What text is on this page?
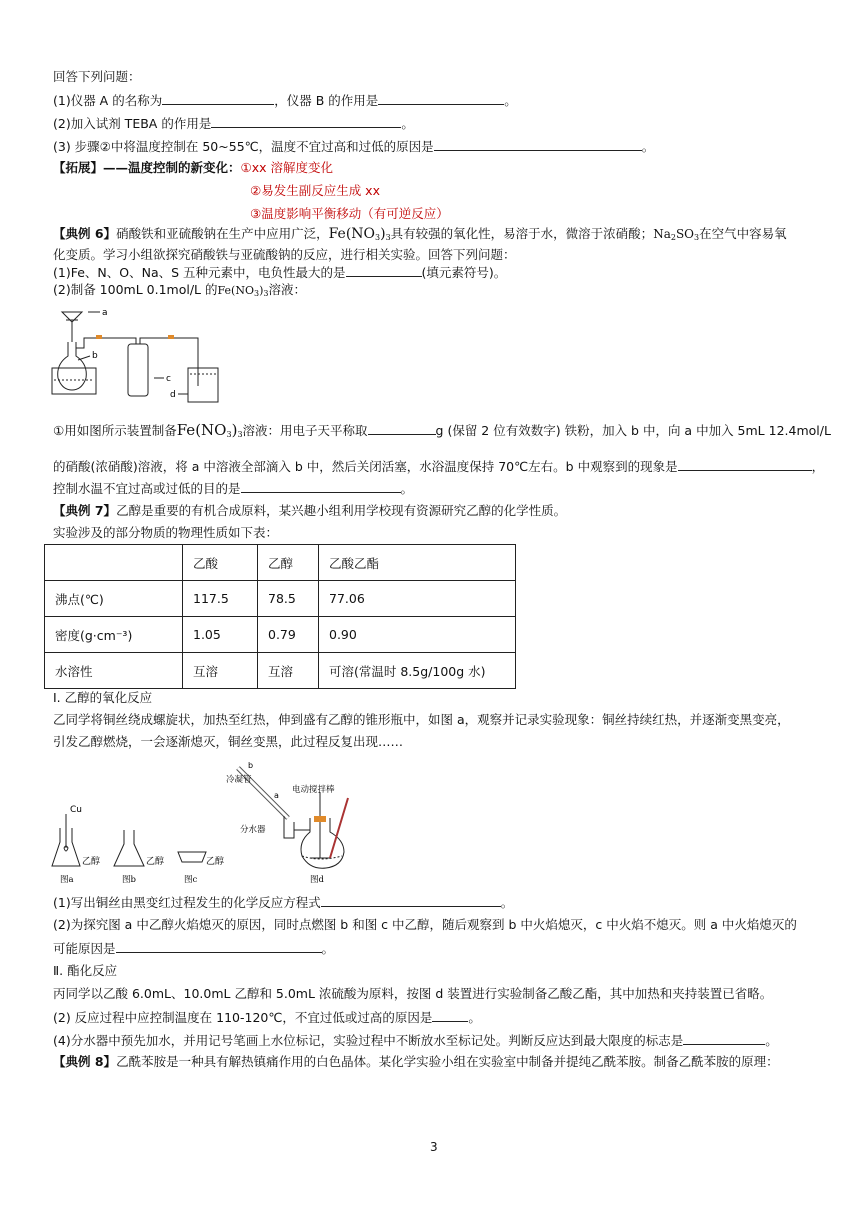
回答下列问题：
(1)仪器 A 的名称为	，仪器 B 的作用是	。
(2)加入试剂 TEBA 的作用是	。
(3) 步骤②中将温度控制在 50~55℃，温度不宜过高和过低的原因是	。
【拓展】——温度控制的新变化：①xx 溶解度变化
②易发生副反应生成 xx
③温度影响平衡移动（有可逆反应）
【典例 6】硝酸铁和亚硫酸钠在生产中应用广泛，$Fe(NO_3)_3$具有较强的氧化性，易溶于水，微溶于浓硝酸；$Na_2SO_3$在空气中容易氧
化变质。学习小组欲探究硝酸铁与亚硫酸钠的反应，进行相关实验。回答下列问题：
(1)Fe、N、O、Na、S 五种元素中，电负性最大的是	(填元素符号)。
(2)制备 100mL 0.1mol/L 的$Fe(NO_3)_3$溶液：
a
b
c
d
①用如图所示装置制备$Fe(NO_3)_3$溶液：用电子天平称取	g (保留 2 位有效数字) 铁粉，加入 b 中，向 a 中加入 5mL 12.4mol/L
的硝酸(浓硝酸)溶液，将 a 中溶液全部滴入 b 中，然后关闭活塞，水浴温度保持 70℃左右。b 中观察到的现象是	，
控制水温不宜过高或过低的目的是	。
【典例 7】乙醇是重要的有机合成原料，某兴趣小组利用学校现有资源研究乙醇的化学性质。
实验涉及的部分物质的物理性质如下表：
	乙酸	乙醇	乙酸乙酯
沸点(℃)	117.5	78.5	77.06
密度(g·cm⁻³)	1.05	0.79	0.90
水溶性	互溶	互溶	可溶(常温时 8.5g/100g 水)
Ⅰ. 乙醇的氧化反应
乙同学将铜丝绕成螺旋状，加热至红热，伸到盛有乙醇的锥形瓶中，如图 a，观察并记录实验现象：铜丝持续红热，并逐渐变黑变亮，
引发乙醇燃烧，一会逐渐熄灭，铜丝变黑，此过程反复出现……
Cu
乙醇	乙醇	乙醇
图a	图b	图c	图d
b
冷凝管
a
电动搅拌棒
分水器
(1)写出铜丝由黑变红过程发生的化学反应方程式	。
(2)为探究图 a 中乙醇火焰熄灭的原因，同时点燃图 b 和图 c 中乙醇，随后观察到 b 中火焰熄灭，c 中火焰不熄灭。则 a 中火焰熄灭的
可能原因是	。
Ⅱ. 酯化反应
丙同学以乙酸 6.0mL、10.0mL 乙醇和 5.0mL 浓硫酸为原料，按图 d 装置进行实验制备乙酸乙酯，其中加热和夹持装置已省略。
(2) 反应过程中应控制温度在 110-120℃，不宜过低或过高的原因是	。
(4)分水器中预先加水，并用记号笔画上水位标记，实验过程中不断放水至标记处。判断反应达到最大限度的标志是	。
【典例 8】乙酰苯胺是一种具有解热镇痛作用的白色晶体。某化学实验小组在实验室中制备并提纯乙酰苯胺。制备乙酰苯胺的原理：
3
